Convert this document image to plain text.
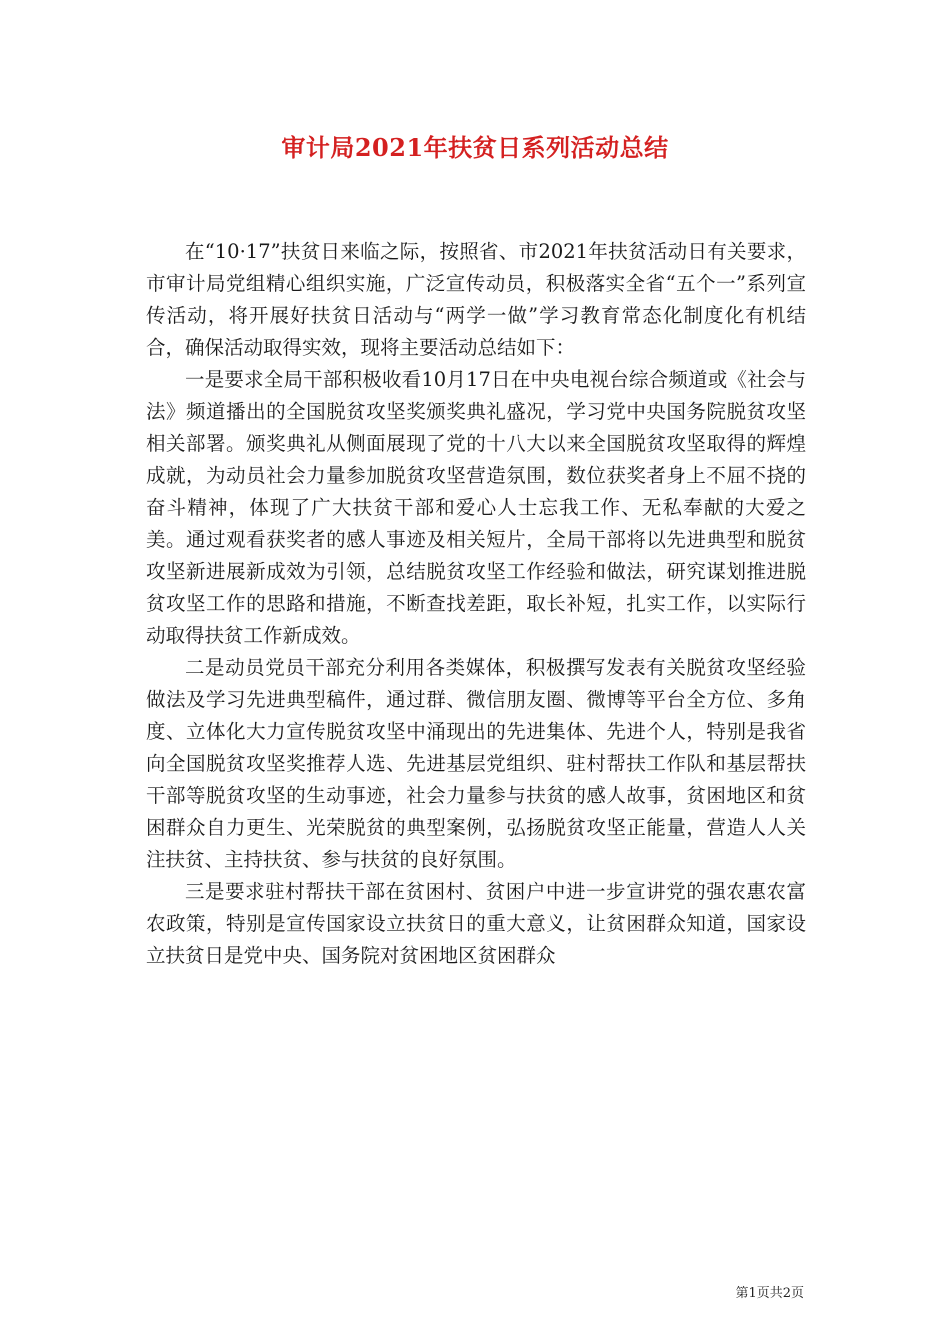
审计局2021年扶贫日系列活动总结

在“10·17”扶贫日来临之际，按照省、市2021年扶贫活动日有关要求，市审计局党组精心组织实施，广泛宣传动员，积极落实全省“五个一”系列宣传活动，将开展好扶贫日活动与“两学一做”学习教育常态化制度化有机结合，确保活动取得实效，现将主要活动总结如下：

一是要求全局干部积极收看10月17日在中央电视台综合频道或《社会与法》频道播出的全国脱贫攻坚奖颁奖典礼盛况，学习党中央国务院脱贫攻坚相关部署。颁奖典礼从侧面展现了党的十八大以来全国脱贫攻坚取得的辉煌成就，为动员社会力量参加脱贫攻坚营造氛围，数位获奖者身上不屈不挠的奋斗精神，体现了广大扶贫干部和爱心人士忘我工作、无私奉献的大爱之美。通过观看获奖者的感人事迹及相关短片，全局干部将以先进典型和脱贫攻坚新进展新成效为引领，总结脱贫攻坚工作经验和做法，研究谋划推进脱贫攻坚工作的思路和措施，不断查找差距，取长补短，扎实工作，以实际行动取得扶贫工作新成效。

二是动员党员干部充分利用各类媒体，积极撰写发表有关脱贫攻坚经验做法及学习先进典型稿件，通过群、微信朋友圈、微博等平台全方位、多角度、立体化大力宣传脱贫攻坚中涌现出的先进集体、先进个人，特别是我省向全国脱贫攻坚奖推荐人选、先进基层党组织、驻村帮扶工作队和基层帮扶干部等脱贫攻坚的生动事迹，社会力量参与扶贫的感人故事，贫困地区和贫困群众自力更生、光荣脱贫的典型案例，弘扬脱贫攻坚正能量，营造人人关注扶贫、主持扶贫、参与扶贫的良好氛围。

三是要求驻村帮扶干部在贫困村、贫困户中进一步宣讲党的强农惠农富农政策，特别是宣传国家设立扶贫日的重大意义，让贫困群众知道，国家设立扶贫日是党中央、国务院对贫困地区贫困群众

第1页共2页
